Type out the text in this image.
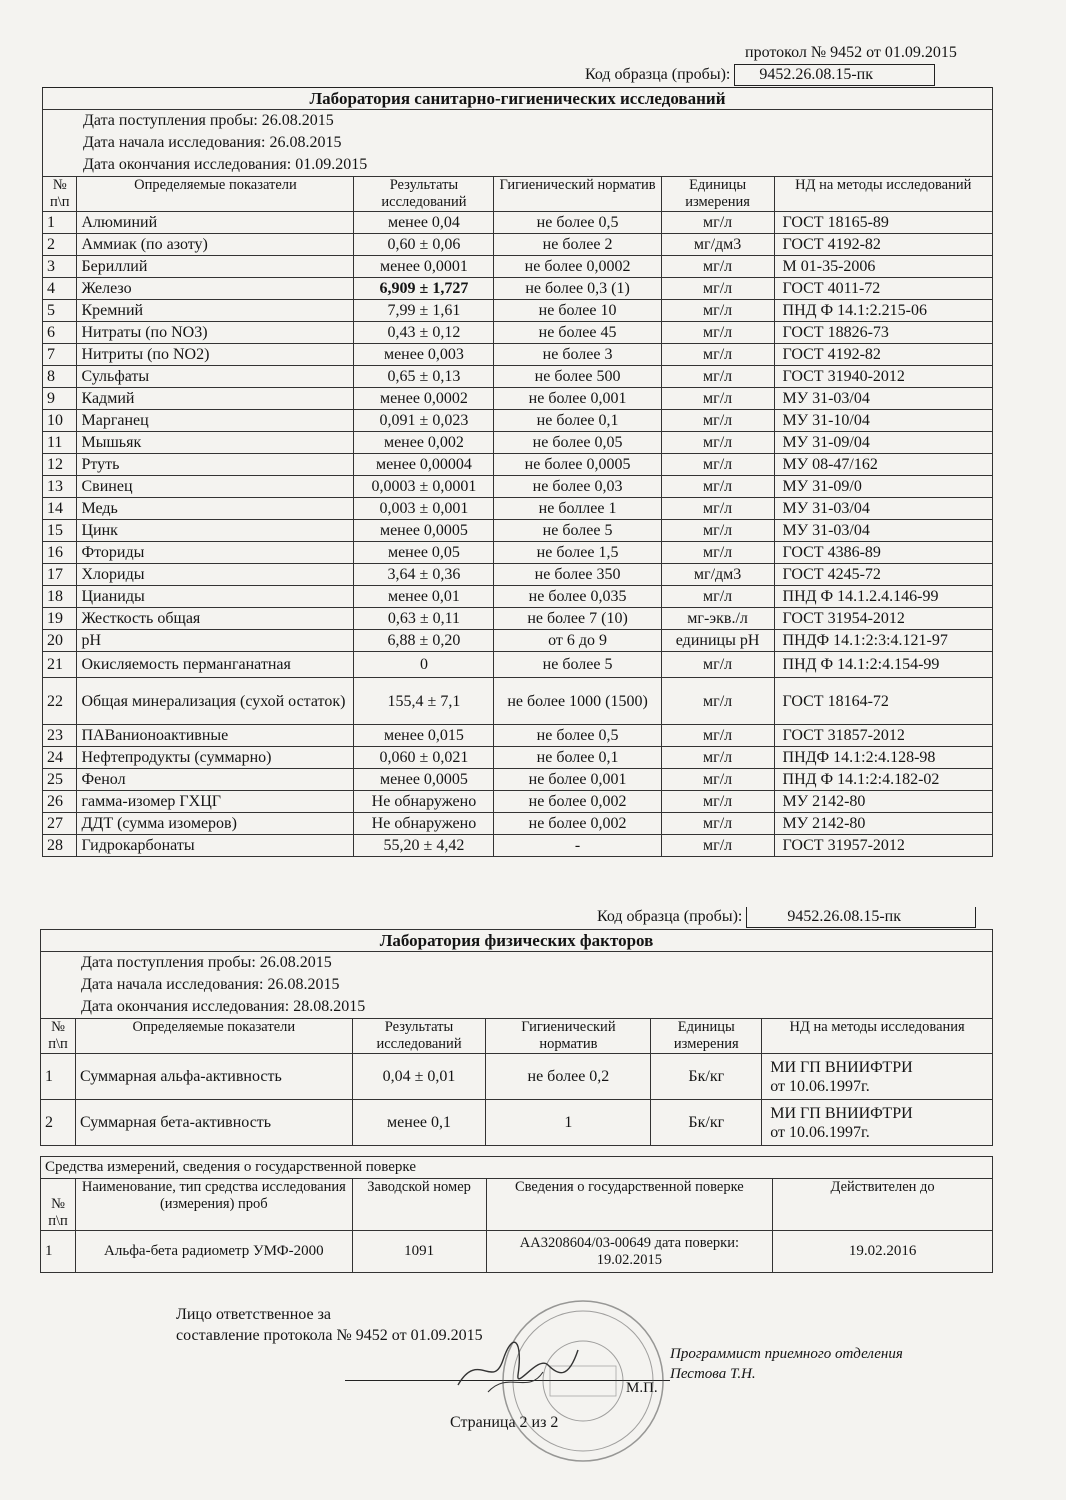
протокол № 9452 от 01.09.2015
Код образца (пробы): 9452.26.08.15-пк
Лаборатория санитарно-гигиенических исследований					

Дата поступления пробы: 26.08.2015
Дата начала исследования: 26.08.2015
Дата окончания исследования: 01.09.2015					

№ п\п	Определяемые показатели	Результаты исследований	Гигиенический норматив	Единицы измерения	НД на методы исследований
1	Алюминий	менее 0,04	не более 0,5	мг/л	ГОСТ 18165-89
2	Аммиак (по азоту)	0,60 ± 0,06	не более 2	мг/дм3	ГОСТ 4192-82
3	Бериллий	менее 0,0001	не более 0,0002	мг/л	М 01-35-2006
4	Железо	6,909 ± 1,727	не более 0,3 (1)	мг/л	ГОСТ 4011-72
5	Кремний	7,99 ± 1,61	не более 10	мг/л	ПНД Ф 14.1:2.215-06
6	Нитраты (по NO3)	0,43 ± 0,12	не более 45	мг/л	ГОСТ 18826-73
7	Нитриты (по NO2)	менее 0,003	не более 3	мг/л	ГОСТ 4192-82
8	Сульфаты	0,65 ± 0,13	не более 500	мг/л	ГОСТ 31940-2012
9	Кадмий	менее 0,0002	не более 0,001	мг/л	МУ 31-03/04
10	Марганец	0,091 ± 0,023	не более 0,1	мг/л	МУ 31-10/04
11	Мышьяк	менее 0,002	не более 0,05	мг/л	МУ 31-09/04
12	Ртуть	менее 0,00004	не более 0,0005	мг/л	МУ 08-47/162
13	Свинец	0,0003 ± 0,0001	не более 0,03	мг/л	МУ 31-09/0
14	Медь	0,003 ± 0,001	не боллее 1	мг/л	МУ 31-03/04
15	Цинк	менее 0,0005	не более 5	мг/л	МУ 31-03/04
16	Фториды	менее 0,05	не более 1,5	мг/л	ГОСТ 4386-89
17	Хлориды	3,64 ± 0,36	не более 350	мг/дм3	ГОСТ 4245-72
18	Цианиды	менее 0,01	не более 0,035	мг/л	ПНД Ф 14.1.2.4.146-99
19	Жесткость общая	0,63 ± 0,11	не более 7 (10)	мг-экв./л	ГОСТ 31954-2012
20	pH	6,88 ± 0,20	от 6 до 9	единицы pH	ПНДФ 14.1:2:3:4.121-97
21	Окисляемость перманганатная	0	не более 5	мг/л	ПНД Ф 14.1:2:4.154-99
22	Общая минерализация (сухой остаток)	155,4 ± 7,1	не более 1000 (1500)	мг/л	ГОСТ 18164-72
23	ПАВанионоактивные	менее 0,015	не более 0,5	мг/л	ГОСТ 31857-2012
24	Нефтепродукты (суммарно)	0,060 ± 0,021	не более 0,1	мг/л	ПНДФ 14.1:2:4.128-98
25	Фенол	менее 0,0005	не более 0,001	мг/л	ПНД Ф 14.1:2:4.182-02
26	гамма-изомер ГХЦГ	Не обнаружено	не более 0,002	мг/л	МУ 2142-80
27	ДДТ (сумма изомеров)	Не обнаружено	не более 0,002	мг/л	МУ 2142-80
28	Гидрокарбонаты	55,20 ± 4,42	-	мг/л	ГОСТ 31957-2012
Код образца (пробы):	9452.26.08.15-пк
Лаборатория физических факторов					

Дата поступления пробы: 26.08.2015
Дата начала исследования: 26.08.2015
Дата окончания исследования: 28.08.2015					

№ п\п	Определяемые показатели	Результаты исследований	Гигиенический норматив	Единицы измерения	НД на методы исследования
1	Суммарная альфа-активность	0,04 ± 0,01	не более 0,2	Бк/кг	МИ ГП ВНИИФТРИ
от 10.06.1997г.

2	Суммарная бета-активность	менее 0,1	1	Бк/кг	МИ ГП ВНИИФТРИ
от 10.06.1997г.
Средства измерений, сведения о государственной поверке				
№ п\п	Наименование, тип средства исследования (измерения) проб	Заводской номер	Сведения о государственной поверке	Действителен до
1	Альфа-бета радиометр УМФ-2000	1091	АА3208604/03-00649 дата поверки: 19.02.2015	19.02.2016
Лицо ответственное за
составление протокола № 9452 от 01.09.2015
Программист приемного отделения
Пестова Т.Н.
М.П.
Страница 2 из 2
